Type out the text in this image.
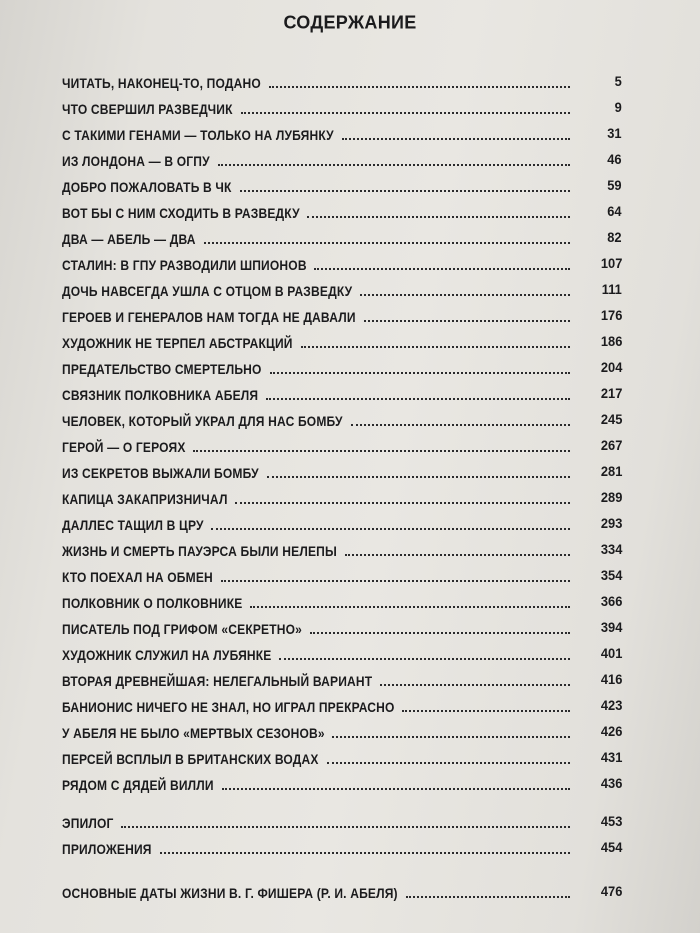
СОДЕРЖАНИЕ
ЧИТАТЬ, НАКОНЕЦ-ТО, ПОДАНО	5
ЧТО СВЕРШИЛ РАЗВЕДЧИК	9
С ТАКИМИ ГЕНАМИ — ТОЛЬКО НА ЛУБЯНКУ	31
ИЗ ЛОНДОНА — В ОГПУ	46
ДОБРО ПОЖАЛОВАТЬ В ЧК	59
ВОТ БЫ С НИМ СХОДИТЬ В РАЗВЕДКУ	64
ДВА — АБЕЛЬ — ДВА	82
СТАЛИН: В ГПУ РАЗВОДИЛИ ШПИОНОВ	107
ДОЧЬ НАВСЕГДА УШЛА С ОТЦОМ В РАЗВЕДКУ	111
ГЕРОЕВ И ГЕНЕРАЛОВ НАМ ТОГДА НЕ ДАВАЛИ	176
ХУДОЖНИК НЕ ТЕРПЕЛ АБСТРАКЦИЙ	186
ПРЕДАТЕЛЬСТВО СМЕРТЕЛЬНО	204
СВЯЗНИК ПОЛКОВНИКА АБЕЛЯ	217
ЧЕЛОВЕК, КОТОРЫЙ УКРАЛ ДЛЯ НАС БОМБУ	245
ГЕРОЙ — О ГЕРОЯХ	267
ИЗ СЕКРЕТОВ ВЫЖАЛИ БОМБУ	281
КАПИЦА ЗАКАПРИЗНИЧАЛ	289
ДАЛЛЕС ТАЩИЛ В ЦРУ	293
ЖИЗНЬ И СМЕРТЬ ПАУЭРСА БЫЛИ НЕЛЕПЫ	334
КТО ПОЕХАЛ НА ОБМЕН	354
ПОЛКОВНИК О ПОЛКОВНИКЕ	366
ПИСАТЕЛЬ ПОД ГРИФОМ «СЕКРЕТНО»	394
ХУДОЖНИК СЛУЖИЛ НА ЛУБЯНКЕ	401
ВТОРАЯ ДРЕВНЕЙШАЯ: НЕЛЕГАЛЬНЫЙ ВАРИАНТ	416
БАНИОНИС НИЧЕГО НЕ ЗНАЛ, НО ИГРАЛ ПРЕКРАСНО	423
У АБЕЛЯ НЕ БЫЛО «МЕРТВЫХ СЕЗОНОВ»	426
ПЕРСЕЙ ВСПЛЫЛ В БРИТАНСКИХ ВОДАХ	431
РЯДОМ С ДЯДЕЙ ВИЛЛИ	436
ЭПИЛОГ	453
ПРИЛОЖЕНИЯ	454
ОСНОВНЫЕ ДАТЫ ЖИЗНИ В. Г. ФИШЕРА (Р. И. АБЕЛЯ)	476
